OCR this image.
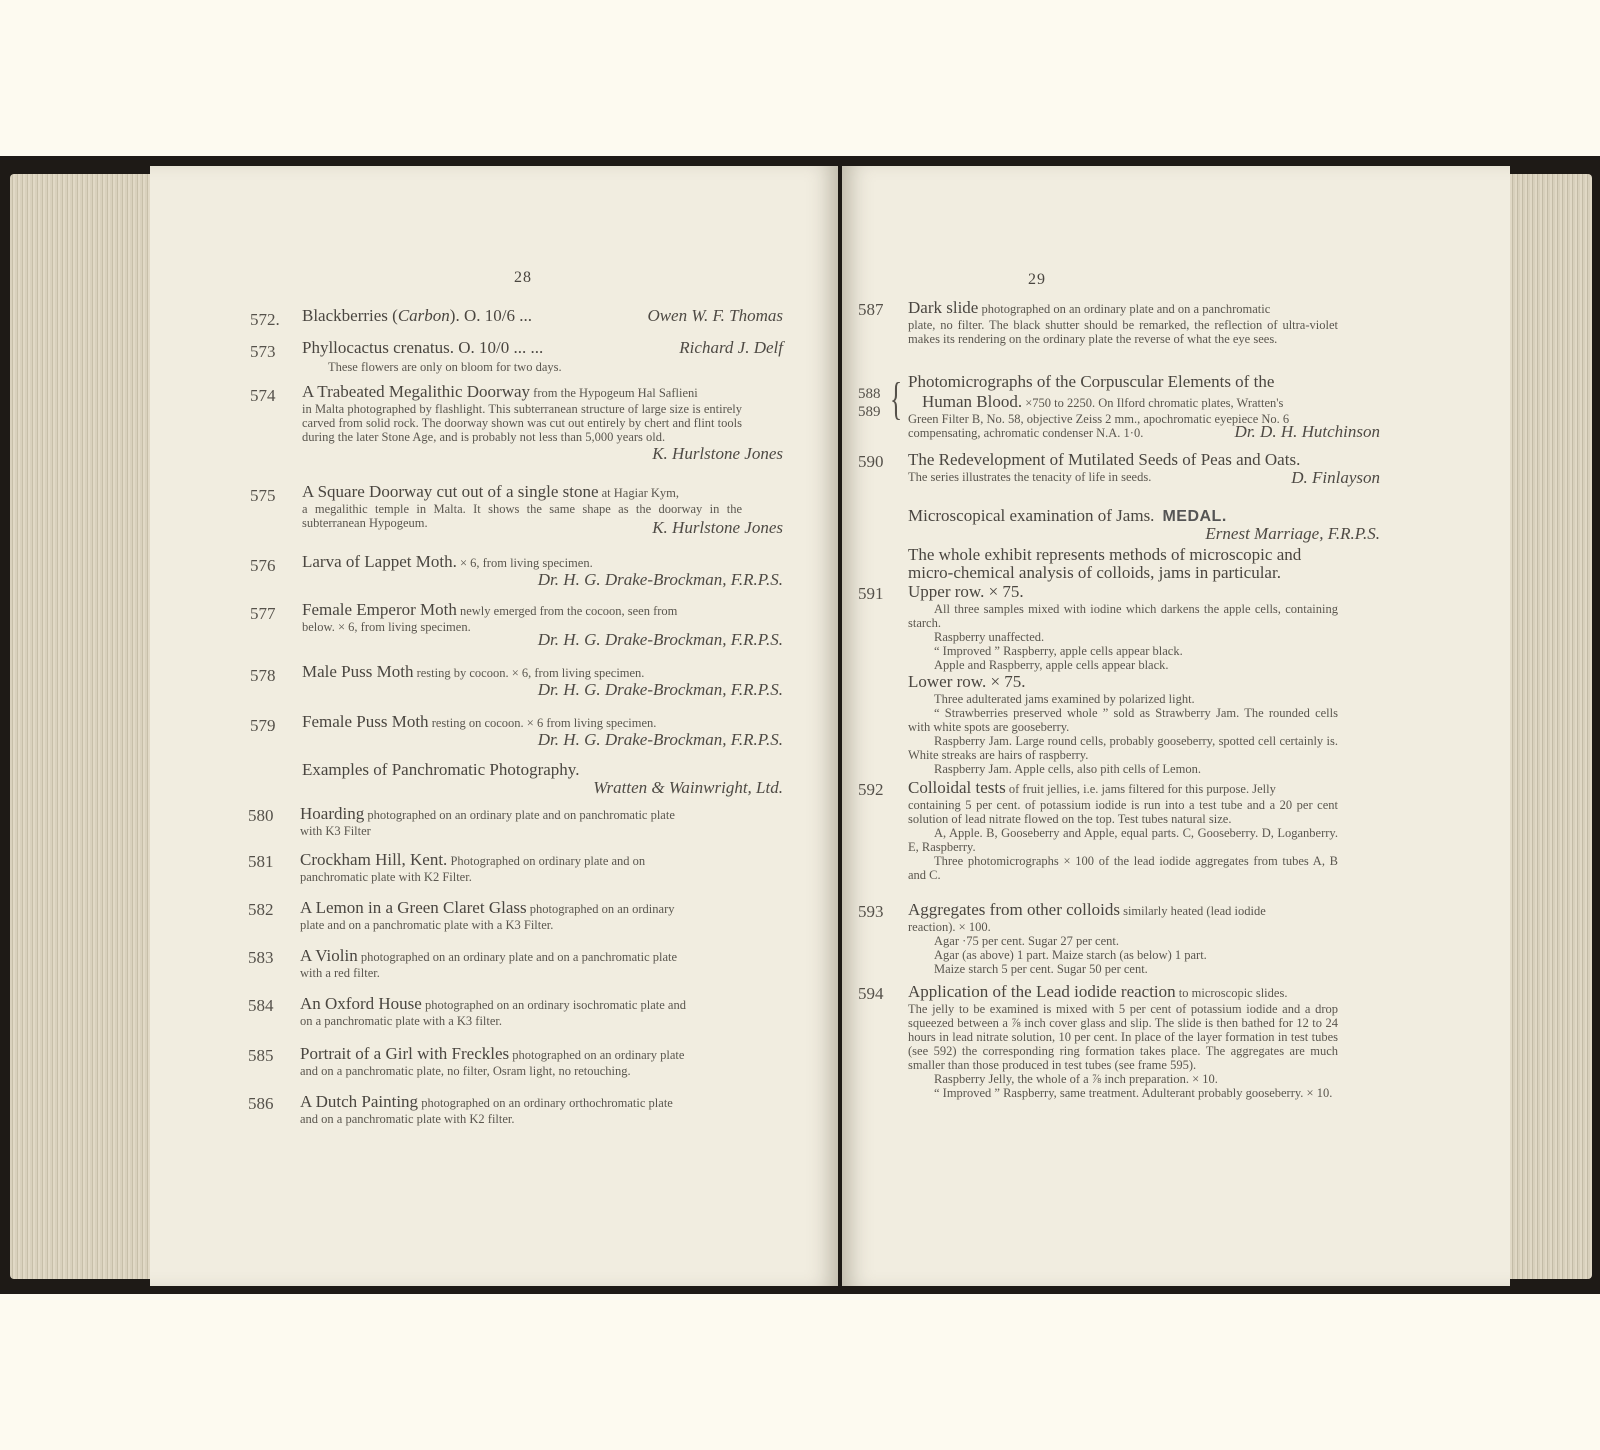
28
572. Blackberries (Carbon). O. 10/6 ...	Owen W. F. Thomas
573 Phyllocactus crenatus. O. 10/0 ... ...	Richard J. Delf
These flowers are only on bloom for two days.
574 A Trabeated Megalithic Doorway from the Hypogeum Hal Saflieni
in Malta photographed by flashlight. This subterranean structure of large size is entirely carved from solid rock. The doorway shown was cut out entirely by chert and flint tools during the later Stone Age, and is probably not less than 5,000 years old.
K. Hurlstone Jones
575 A Square Doorway cut out of a single stone at Hagiar Kym,
a megalithic temple in Malta. It shows the same shape as the doorway in the subterranean Hypogeum.	K. Hurlstone Jones
576 Larva of Lappet Moth. × 6, from living specimen.
Dr. H. G. Drake-Brockman, F.R.P.S.
577 Female Emperor Moth newly emerged from the cocoon, seen from
below. × 6, from living specimen.
Dr. H. G. Drake-Brockman, F.R.P.S.
578 Male Puss Moth resting by cocoon. × 6, from living specimen.
Dr. H. G. Drake-Brockman, F.R.P.S.
579 Female Puss Moth resting on cocoon. × 6 from living specimen.
Dr. H. G. Drake-Brockman, F.R.P.S.
Examples of Panchromatic Photography.
Wratten & Wainwright, Ltd.
580 Hoarding photographed on an ordinary plate and on panchromatic plate
with K3 Filter
581 Crockham Hill, Kent. Photographed on ordinary plate and on
panchromatic plate with K2 Filter.
582 A Lemon in a Green Claret Glass photographed on an ordinary
plate and on a panchromatic plate with a K3 Filter.
583 A Violin photographed on an ordinary plate and on a panchromatic plate
with a red filter.
584 An Oxford House photographed on an ordinary isochromatic plate and
on a panchromatic plate with a K3 filter.
585 Portrait of a Girl with Freckles photographed on an ordinary plate
and on a panchromatic plate, no filter, Osram light, no retouching.
586 A Dutch Painting photographed on an ordinary orthochromatic plate
and on a panchromatic plate with K2 filter.
29
587 Dark slide photographed on an ordinary plate and on a panchromatic
plate, no filter. The black shutter should be remarked, the reflection of ultra-violet makes its rendering on the ordinary plate the reverse of what the eye sees.
588
589 { Photomicrographs of the Corpuscular Elements of the
Human Blood. ×750 to 2250. On Ilford chromatic plates, Wratten's
Green Filter B, No. 58, objective Zeiss 2 mm., apochromatic eyepiece No. 6
compensating, achromatic condenser N.A. 1·0.	Dr. D. H. Hutchinson
590 The Redevelopment of Mutilated Seeds of Peas and Oats.
The series illustrates the tenacity of life in seeds.	D. Finlayson
Microscopical examination of Jams. MEDAL.
Ernest Marriage, F.R.P.S.
The whole exhibit represents methods of microscopic and micro-chemical analysis of colloids, jams in particular.
591 Upper row. × 75.
All three samples mixed with iodine which darkens the apple cells, containing starch.
Raspberry unaffected.
“ Improved ” Raspberry, apple cells appear black.
Apple and Raspberry, apple cells appear black.
Lower row. × 75.
Three adulterated jams examined by polarized light.
“ Strawberries preserved whole ” sold as Strawberry Jam. The rounded cells with white spots are gooseberry.
Raspberry Jam. Large round cells, probably gooseberry, spotted cell certainly is. White streaks are hairs of raspberry.
Raspberry Jam. Apple cells, also pith cells of Lemon.
592 Colloidal tests of fruit jellies, i.e. jams filtered for this purpose. Jelly
containing 5 per cent. of potassium iodide is run into a test tube and a 20 per cent solution of lead nitrate flowed on the top. Test tubes natural size.
A, Apple. B, Gooseberry and Apple, equal parts. C, Gooseberry. D, Loganberry. E, Raspberry.
Three photomicrographs × 100 of the lead iodide aggregates from tubes A, B and C.
593 Aggregates from other colloids similarly heated (lead iodide
reaction). × 100.
Agar ·75 per cent. Sugar 27 per cent.
Agar (as above) 1 part. Maize starch (as below) 1 part.
Maize starch 5 per cent. Sugar 50 per cent.
594 Application of the Lead iodide reaction to microscopic slides.
The jelly to be examined is mixed with 5 per cent of potassium iodide and a drop squeezed between a ⅞ inch cover glass and slip. The slide is then bathed for 12 to 24 hours in lead nitrate solution, 10 per cent. In place of the layer formation in test tubes (see 592) the corresponding ring formation takes place. The aggregates are much smaller than those produced in test tubes (see frame 595).
Raspberry Jelly, the whole of a ⅞ inch preparation. × 10.
“ Improved ” Raspberry, same treatment. Adulterant probably gooseberry. × 10.
